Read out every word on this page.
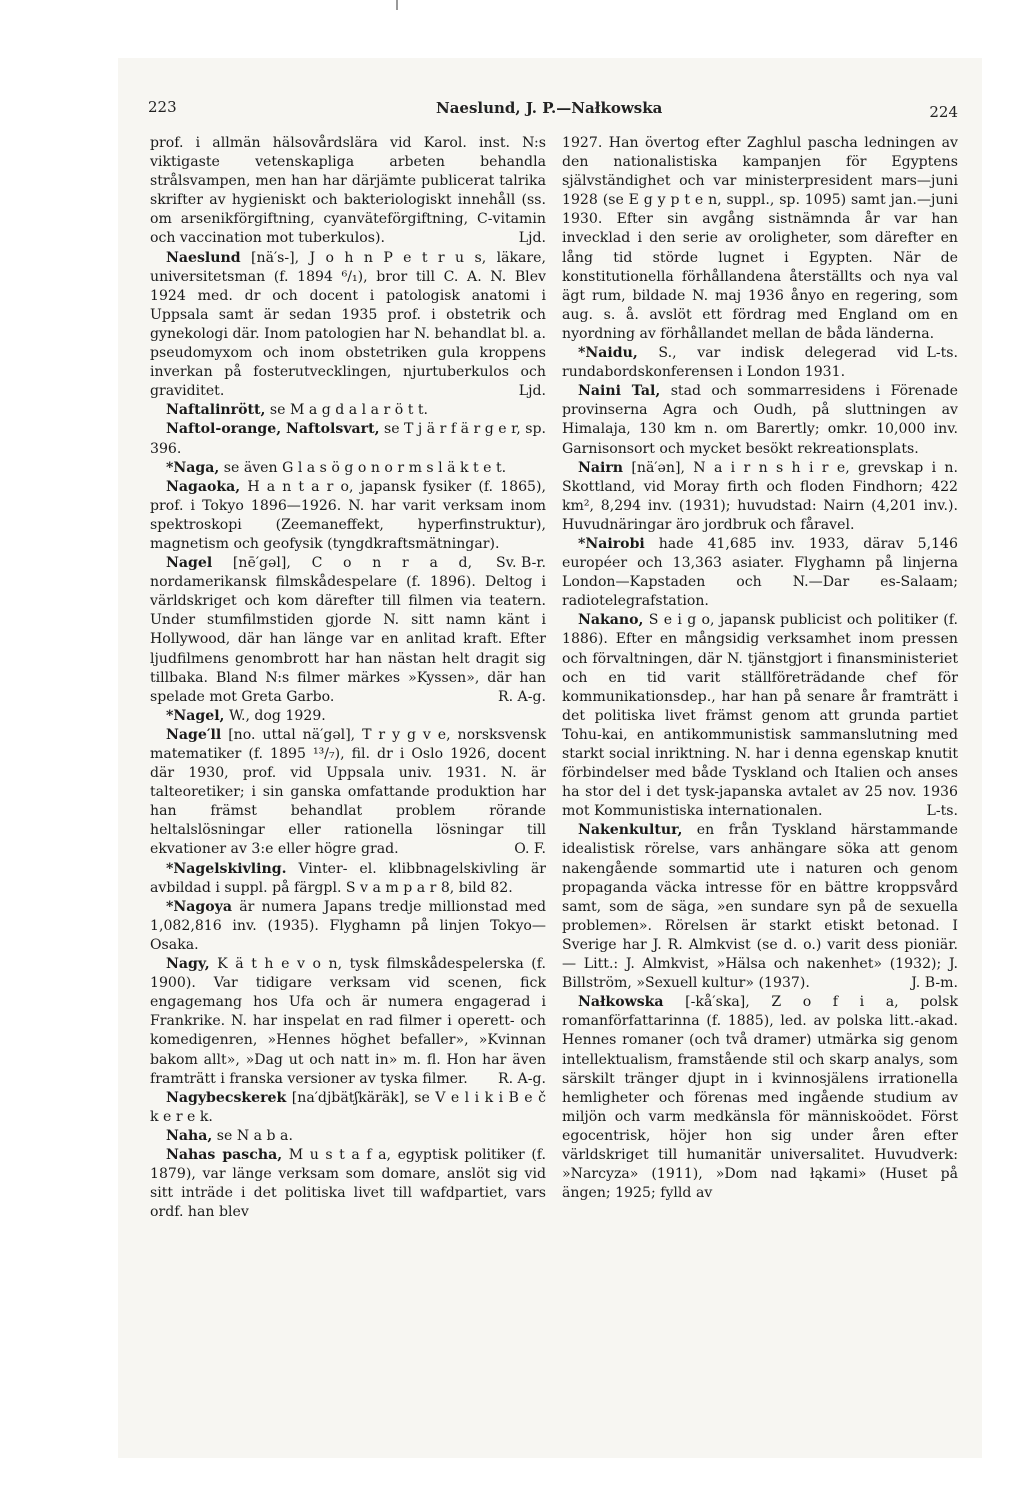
223	Naeslund, J. P.—Nałkowska	224

prof. i allmän hälsovårdslära vid Karol. inst. N:s viktigaste vetenskapliga arbeten behandla strålsvampen, men han har därjämte publicerat talrika skrifter av hygieniskt och bakteriologiskt innehåll (ss. om arsenikförgiftning, cyanväteförgiftning, C-vitamin och vaccination mot tuberkulos).	Ljd.

Naeslund [nä′s-], J o h n P e t r u s, läkare, universitetsman (f. 1894 ⁶/₁), bror till C. A. N. Blev 1924 med. dr och docent i patologisk anatomi i Uppsala samt är sedan 1935 prof. i obstetrik och gynekologi där. Inom patologien har N. behandlat bl. a. pseudomyxom och inom obstetriken gula kroppens inverkan på fosterutvecklingen, njurtuberkulos och graviditet.	Ljd.

Naftalinrött, se M a g d a l a r ö t t.

Naftol-orange, Naftolsvart, se T j ä r f ä r g e r, sp. 396.

*Naga, se även G l a s ö g o n o r m s l ä k t e t.

Nagaoka, H a n t a r o, japansk fysiker (f. 1865), prof. i Tokyo 1896—1926. N. har varit verksam inom spektroskopi (Zeemaneffekt, hyperfinstruktur), magnetism och geofysik (tyngdkraftsmätningar).
Sv. B-r.

Nagel [nē′gəl], C o n r a d, nordamerikansk filmskådespelare (f. 1896). Deltog i världskriget och kom därefter till filmen via teatern. Under stumfilmstiden gjorde N. sitt namn känt i Hollywood, där han länge var en anlitad kraft. Efter ljudfilmens genombrott har han nästan helt dragit sig tillbaka. Bland N:s filmer märkes »Kyssen», där han spelade mot Greta Garbo.	R. A-g.

*Nagel, W., dog 1929.

Nage′ll [no. uttal nä′gəl], T r y g v e, norsksvensk matematiker (f. 1895 ¹³/₇), fil. dr i Oslo 1926, docent där 1930, prof. vid Uppsala univ. 1931. N. är talteoretiker; i sin ganska omfattande produktion har han främst behandlat problem rörande heltalslösningar eller rationella lösningar till ekvationer av 3:e eller högre grad.	O. F.

*Nagelskivling. Vinter- el. klibbnagelskivling är avbildad i suppl. på färgpl. S v a m p a r 8, bild 82.

*Nagoya är numera Japans tredje millionstad med 1,082,816 inv. (1935). Flyghamn på linjen Tokyo—Osaka.

Nagy, K ä t h e v o n, tysk filmskådespelerska (f. 1900). Var tidigare verksam vid scenen, fick engagemang hos Ufa och är numera engagerad i Frankrike. N. har inspelat en rad filmer i operett- och komedigenren, »Hennes höghet befaller», »Kvinnan bakom allt», »Dag ut och natt in» m. fl. Hon har även framträtt i franska versioner av tyska filmer.	R. A-g.

Nagybecskerek [na′djbätʃkäräk], se V e l i k i B e č k e r e k.

Naha, se N a b a.

Nahas pascha, M u s t a f a, egyptisk politiker (f. 1879), var länge verksam som domare, anslöt sig vid sitt inträde i det politiska livet till wafdpartiet, vars ordf. han blev

1927. Han övertog efter Zaghlul pascha ledningen av den nationalistiska kampanjen för Egyptens självständighet och var ministerpresident mars—juni 1928 (se E g y p t e n, suppl., sp. 1095) samt jan.—juni 1930. Efter sin avgång sistnämnda år var han invecklad i den serie av oroligheter, som därefter en lång tid störde lugnet i Egypten. När de konstitutionella förhållandena återställts och nya val ägt rum, bildade N. maj 1936 ånyo en regering, som aug. s. å. avslöt ett fördrag med England om en nyordning av förhållandet mellan de båda länderna.
L-ts.

*Naidu, S., var indisk delegerad vid rundabordskonferensen i London 1931.

Naini Tal, stad och sommarresidens i Förenade provinserna Agra och Oudh, på sluttningen av Himalaja, 130 km n. om Barertly; omkr. 10,000 inv. Garnisonsort och mycket besökt rekreationsplats.

Nairn [nä′ən], N a i r n s h i r e, grevskap i n. Skottland, vid Moray firth och floden Findhorn; 422 km², 8,294 inv. (1931); huvudstad: Nairn (4,201 inv.). Huvudnäringar äro jordbruk och fåravel.

*Nairobi hade 41,685 inv. 1933, därav 5,146 européer och 13,363 asiater. Flyghamn på linjerna London—Kapstaden och N.—Dar es-Salaam; radiotelegrafstation.

Nakano, S e i g o, japansk publicist och politiker (f. 1886). Efter en mångsidig verksamhet inom pressen och förvaltningen, där N. tjänstgjort i finansministeriet och en tid varit ställföreträdande chef för kommunikationsdep., har han på senare år framträtt i det politiska livet främst genom att grunda partiet Tohu-kai, en antikommunistisk sammanslutning med starkt social inriktning. N. har i denna egenskap knutit förbindelser med både Tyskland och Italien och anses ha stor del i det tysk-japanska avtalet av 25 nov. 1936 mot Kommunistiska internationalen.	L-ts.

Nakenkultur, en från Tyskland härstammande idealistisk rörelse, vars anhängare söka att genom nakengående sommartid ute i naturen och genom propaganda väcka intresse för en bättre kroppsvård samt, som de säga, »en sundare syn på de sexuella problemen». Rörelsen är starkt etiskt betonad. I Sverige har J. R. Almkvist (se d. o.) varit dess pioniär. — Litt.: J. Almkvist, »Hälsa och nakenhet» (1932); J. Billström, »Sexuell kultur» (1937).	J. B-m.

Nałkowska [-kå′ska], Z o f i a, polsk romanförfattarinna (f. 1885), led. av polska litt.-akad. Hennes romaner (och två dramer) utmärka sig genom intellektualism, framstående stil och skarp analys, som särskilt tränger djupt in i kvinnosjälens irrationella hemligheter och förenas med ingående studium av miljön och varm medkänsla för människoödet. Först egocentrisk, höjer hon sig under åren efter världskriget till humanitär universalitet. Huvudverk: »Narcyza» (1911), »Dom nad łąkami» (Huset på ängen; 1925; fylld av
